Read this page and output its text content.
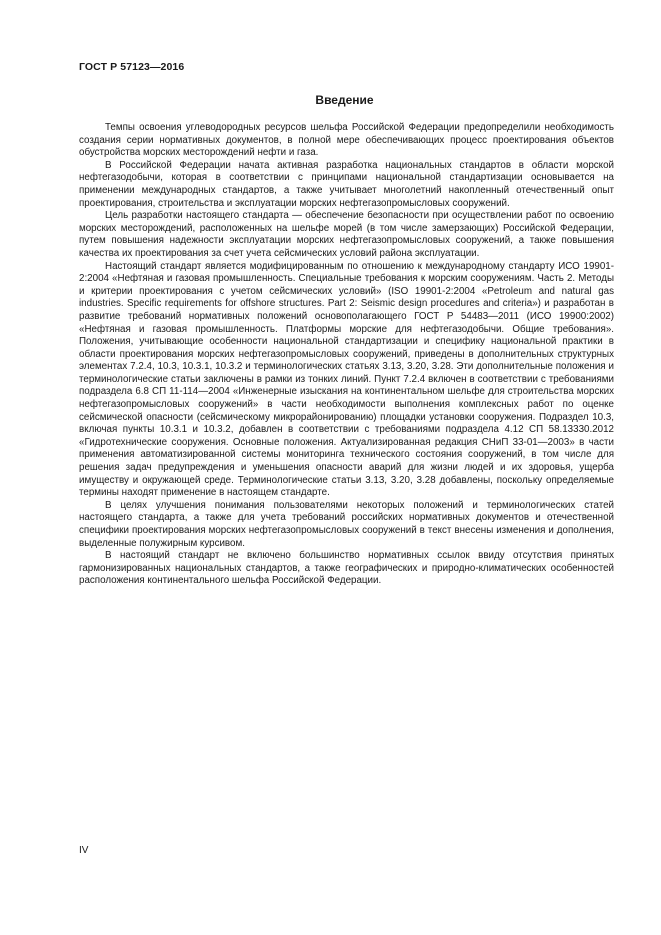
ГОСТ Р 57123—2016
Введение

Темпы освоения углеводородных ресурсов шельфа Российской Федерации предопределили необходимость создания серии нормативных документов, в полной мере обеспечивающих процесс проектирования объектов обустройства морских месторождений нефти и газа.

В Российской Федерации начата активная разработка национальных стандартов в области морской нефтегазодобычи, которая в соответствии с принципами национальной стандартизации основывается на применении международных стандартов, а также учитывает многолетний накопленный отечественный опыт проектирования, строительства и эксплуатации морских нефтегазопромысловых сооружений.

Цель разработки настоящего стандарта — обеспечение безопасности при осуществлении работ по освоению морских месторождений, расположенных на шельфе морей (в том числе замерзающих) Российской Федерации, путем повышения надежности эксплуатации морских нефтегазопромысловых сооружений, а также повышения качества их проектирования за счет учета сейсмических условий района эксплуатации.

Настоящий стандарт является модифицированным по отношению к международному стандарту ИСО 19901-2:2004 «Нефтяная и газовая промышленность. Специальные требования к морским сооружениям. Часть 2. Методы и критерии проектирования с учетом сейсмических условий» (ISO 19901-2:2004 «Petroleum and natural gas industries. Specific requirements for offshore structures. Part 2: Seismic design procedures and criteria») и разработан в развитие требований нормативных положений основополагающего ГОСТ Р 54483—2011 (ИСО 19900:2002) «Нефтяная и газовая промышленность. Платформы морские для нефтегазодобычи. Общие требования». Положения, учитывающие особенности национальной стандартизации и специфику национальной практики в области проектирования морских нефтегазопромысловых сооружений, приведены в дополнительных структурных элементах 7.2.4, 10.3, 10.3.1, 10.3.2 и терминологических статьях 3.13, 3.20, 3.28. Эти дополнительные положения и терминологические статьи заключены в рамки из тонких линий. Пункт 7.2.4 включен в соответствии с требованиями подраздела 6.8 СП 11-114—2004 «Инженерные изыскания на континентальном шельфе для строительства морских нефтегазопромысловых сооружений» в части необходимости выполнения комплексных работ по оценке сейсмической опасности (сейсмическому микрорайонированию) площадки установки сооружения. Подраздел 10.3, включая пункты 10.3.1 и 10.3.2, добавлен в соответствии с требованиями подраздела 4.12 СП 58.13330.2012 «Гидротехнические сооружения. Основные положения. Актуализированная редакция СНиП 33-01—2003» в части применения автоматизированной системы мониторинга технического состояния сооружений, в том числе для решения задач предупреждения и уменьшения опасности аварий для жизни людей и их здоровья, ущерба имуществу и окружающей среде. Терминологические статьи 3.13, 3.20, 3.28 добавлены, поскольку определяемые термины находят применение в настоящем стандарте.

В целях улучшения понимания пользователями некоторых положений и терминологических статей настоящего стандарта, а также для учета требований российских нормативных документов и отечественной специфики проектирования морских нефтегазопромысловых сооружений в текст внесены изменения и дополнения, выделенные полужирным курсивом.

В настоящий стандарт не включено большинство нормативных ссылок ввиду отсутствия принятых гармонизированных национальных стандартов, а также географических и природно-климатических особенностей расположения континентального шельфа Российской Федерации.

IV
